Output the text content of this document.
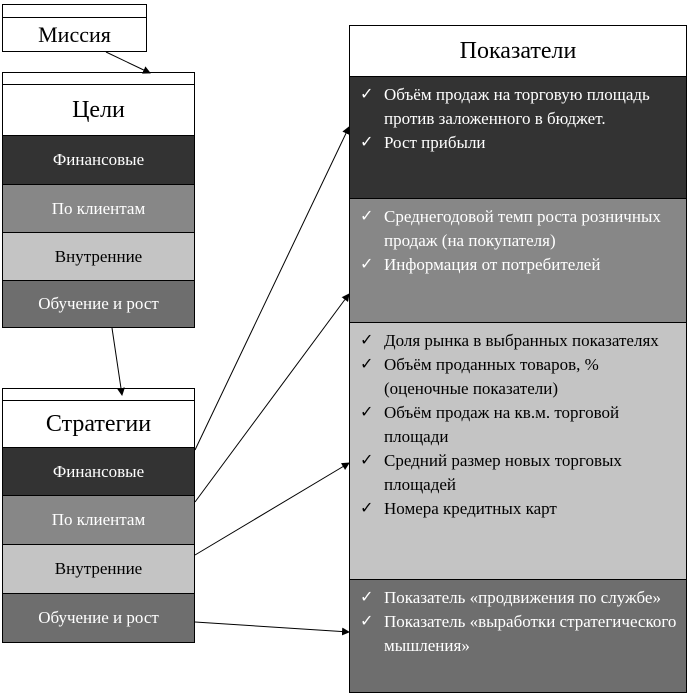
Миссия
Цели
Финансовые
По клиентам
Внутренние
Обучение и рост
Стратегии
Финансовые
По клиентам
Внутренние
Обучение и рост
Показатели
✓ Объём продаж на торговую площадь против заложенного в бюджет.
✓ Рост прибыли
✓ Среднегодовой темп роста розничных продаж (на покупателя)
✓ Информация от потребителей
✓ Доля рынка в выбранных показателях
✓ Объём проданных товаров, % (оценочные показатели)
✓ Объём продаж на кв.м. торговой площади
✓ Средний размер новых торговых площадей
✓ Номера кредитных карт
✓ Показатель «продвижения по службе»
✓ Показатель «выработки стратегического мышления»
